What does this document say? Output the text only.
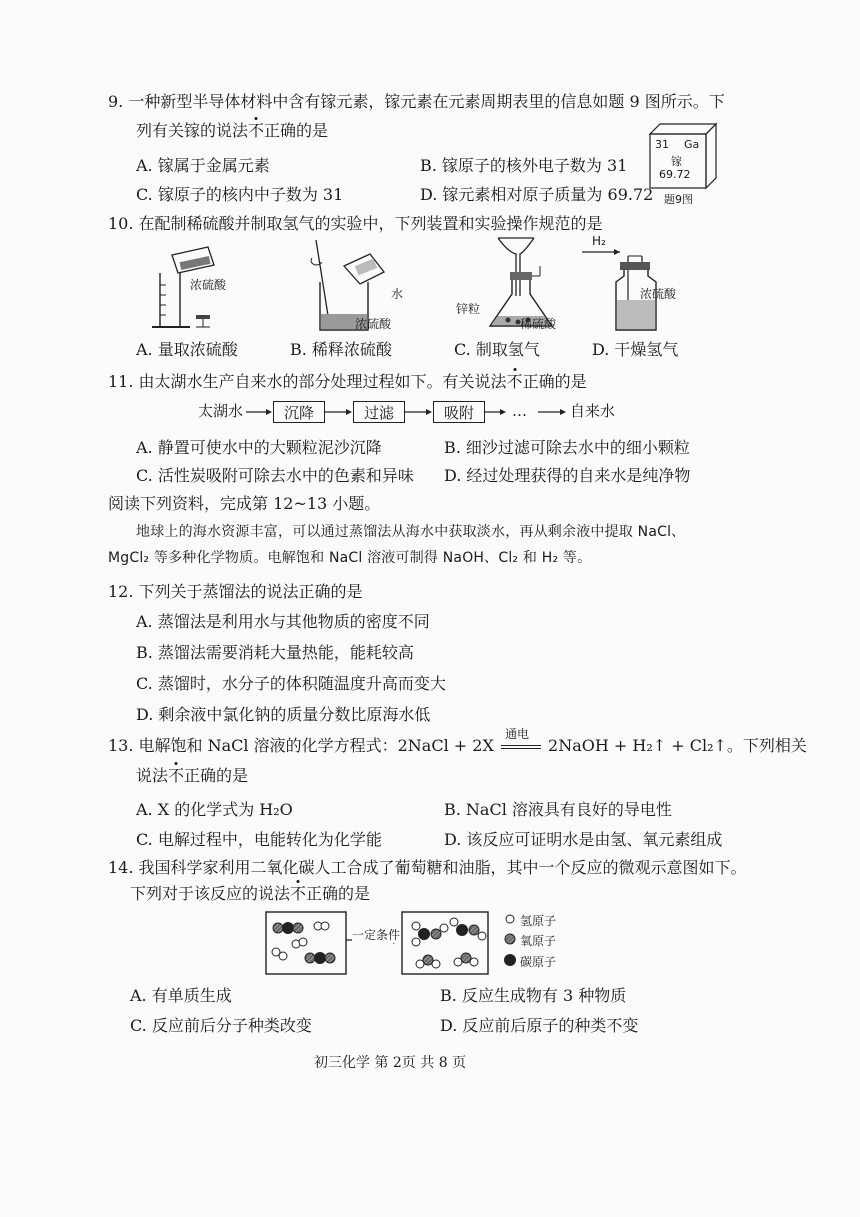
9. 一种新型半导体材料中含有镓元素，镓元素在元素周期表里的信息如题 9 图所示。下
列有关镓的说法不正确的是
A. 镓属于金属元素	B. 镓原子的核外电子数为 31
C. 镓原子的核内中子数为 31	D. 镓元素相对原子质量为 69.72
31 Ga
镓
69.72
题9图
10. 在配制稀硫酸并制取氢气的实验中，下列装置和实验操作规范的是
浓硫酸
水
浓硫酸
锌粒
稀硫酸
H₂
浓硫酸
A. 量取浓硫酸	B. 稀释浓硫酸	C. 制取氢气	D. 干燥氢气
11. 由太湖水生产自来水的部分处理过程如下。有关说法不正确的是
太湖水	沉降	过滤	吸附	…	自来水
A. 静置可使水中的大颗粒泥沙沉降	B. 细沙过滤可除去水中的细小颗粒
C. 活性炭吸附可除去水中的色素和异味 D. 经过处理获得的自来水是纯净物
阅读下列资料，完成第 12~13 小题。
地球上的海水资源丰富，可以通过蒸馏法从海水中获取淡水，再从剩余液中提取 NaCl、
MgCl₂ 等多种化学物质。电解饱和 NaCl 溶液可制得 NaOH、Cl₂ 和 H₂ 等。
12. 下列关于蒸馏法的说法正确的是
A. 蒸馏法是利用水与其他物质的密度不同
B. 蒸馏法需要消耗大量热能，能耗较高
C. 蒸馏时，水分子的体积随温度升高而变大
D. 剩余液中氯化钠的质量分数比原海水低
13. 电解饱和 NaCl 溶液的化学方程式：2NaCl + 2X
通电
2NaOH + H₂↑ + Cl₂↑。下列相关
说法不正确的是
A. X 的化学式为 H₂O	B. NaCl 溶液具有良好的导电性
C. 电解过程中，电能转化为化学能	D. 该反应可证明水是由氢、氧元素组成
14. 我国科学家利用二氧化碳人工合成了葡萄糖和油脂，其中一个反应的微观示意图如下。
下列对于该反应的说法不正确的是
一定条件
氢原子
氧原子
碳原子
A. 有单质生成	B. 反应生成物有 3 种物质
C. 反应前后分子种类改变	D. 反应前后原子的种类不变
初三化学 第 2页 共 8 页
